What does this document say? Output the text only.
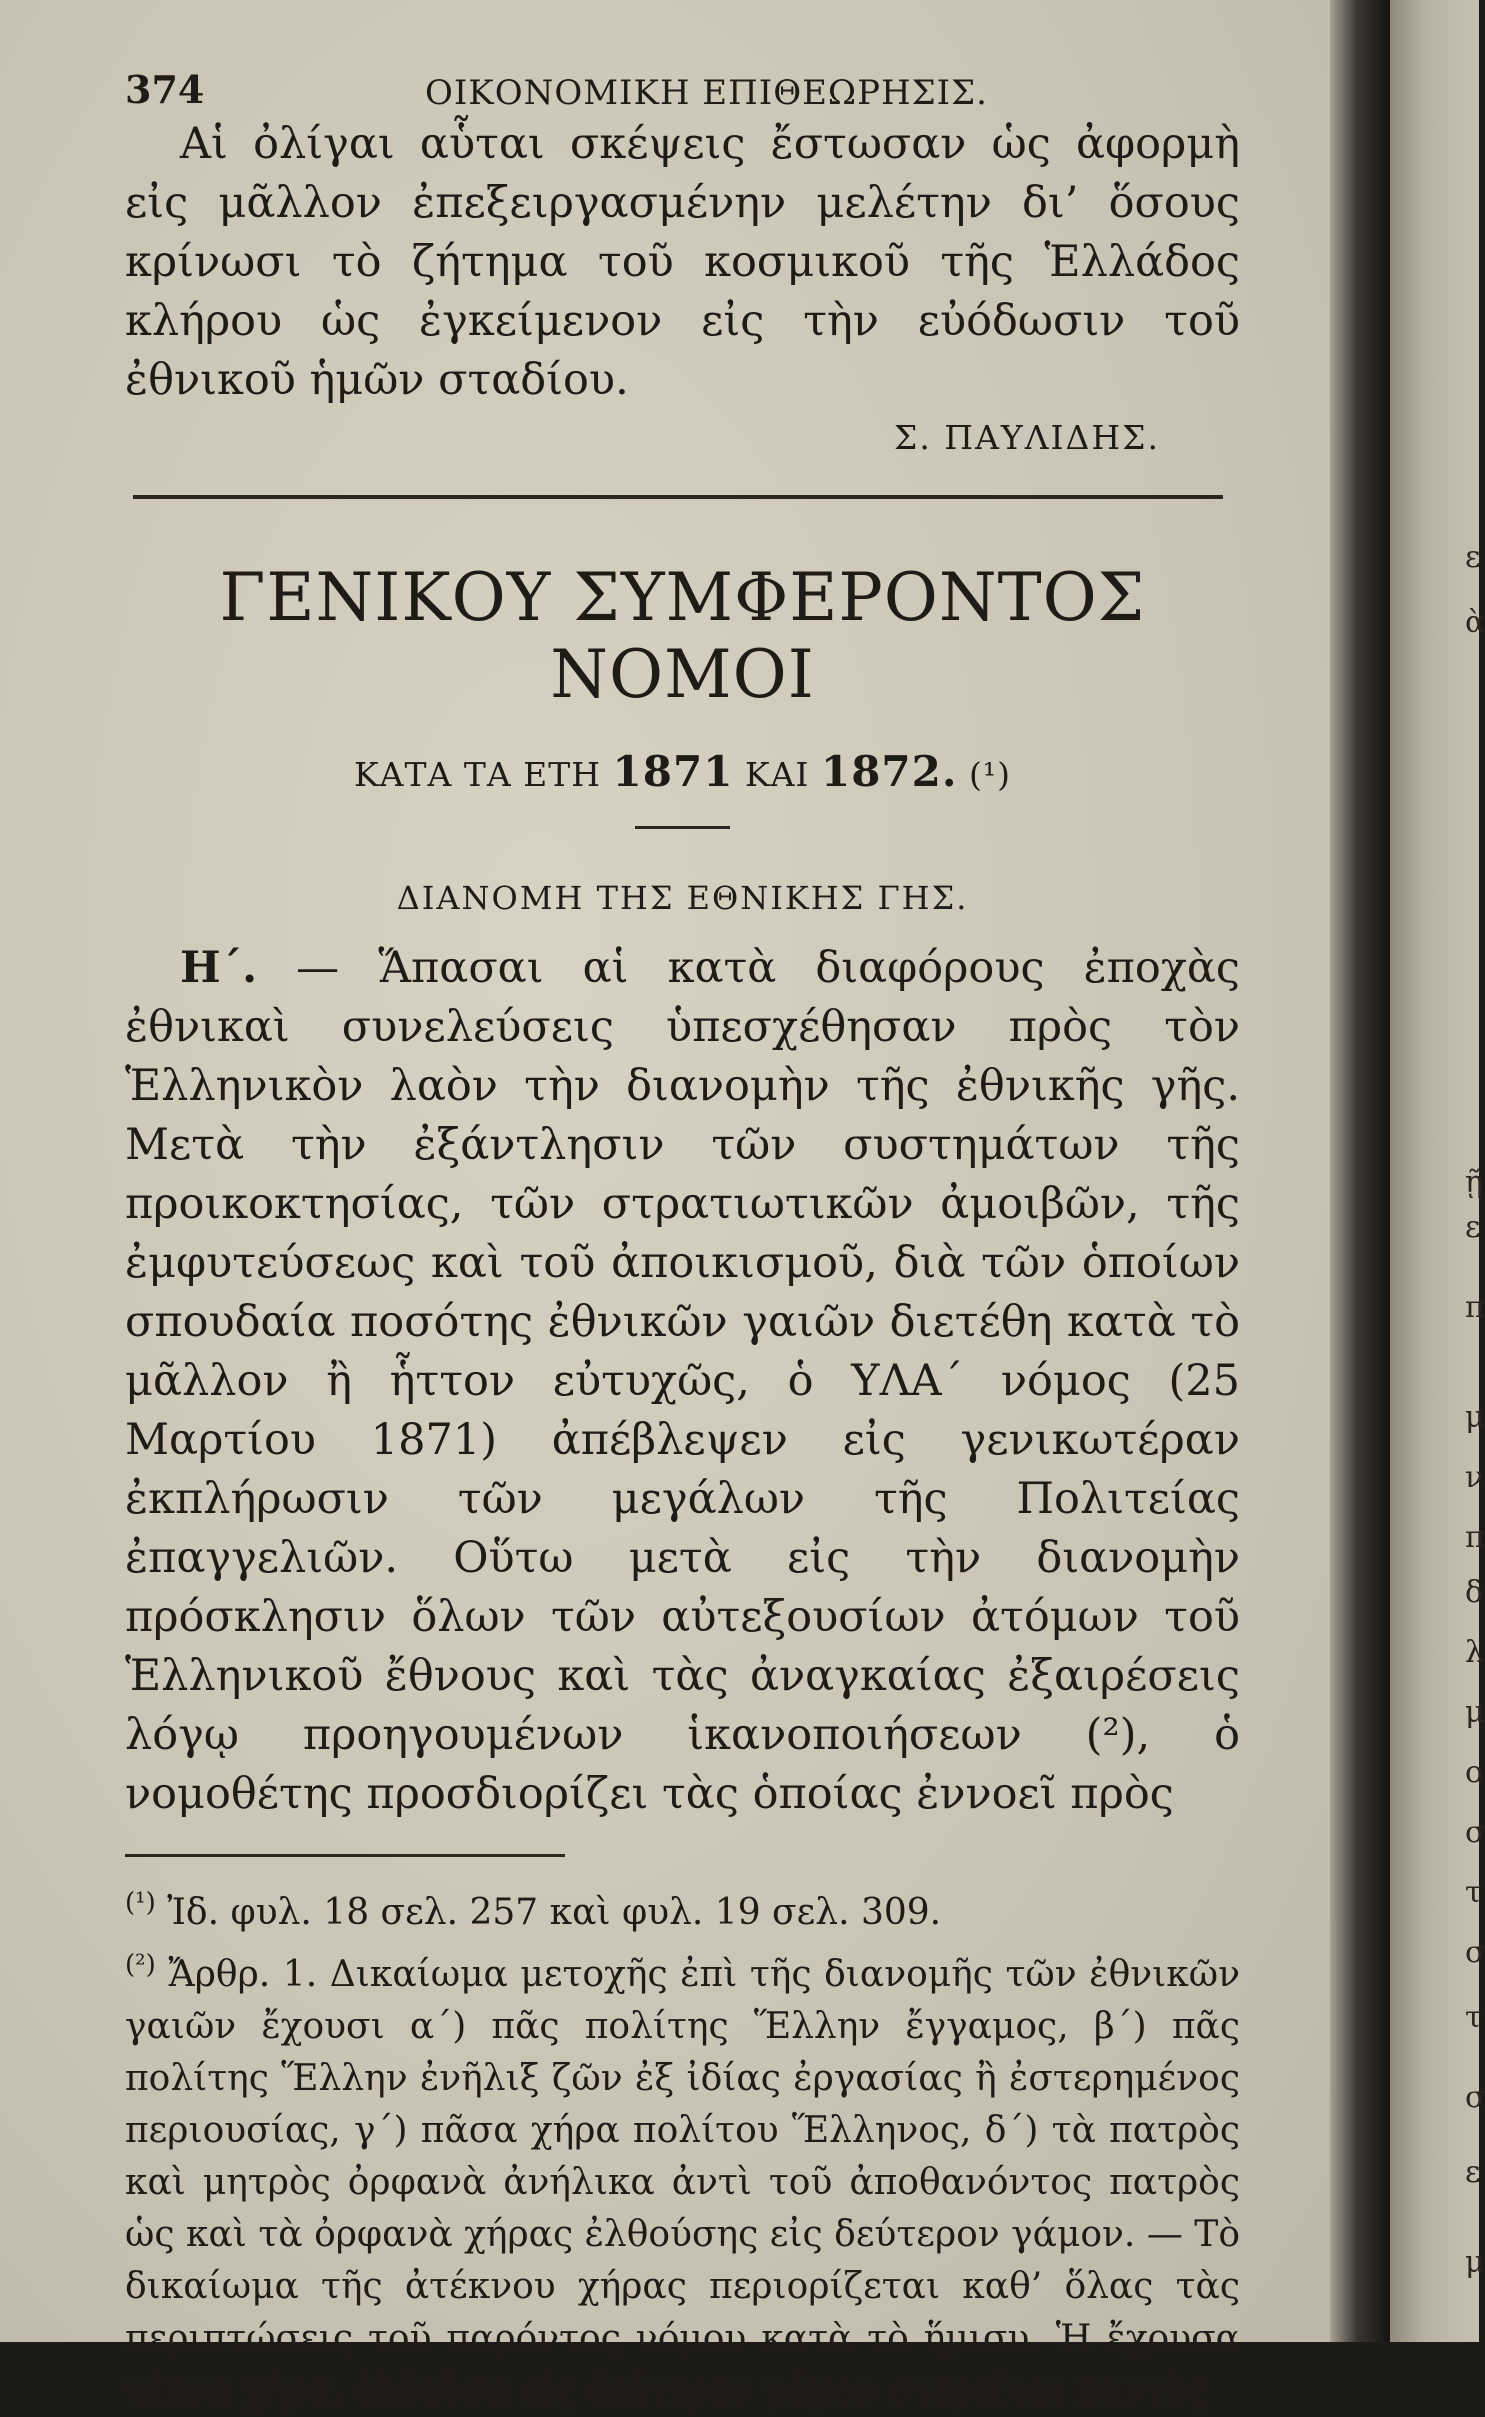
374	ΟΙΚΟΝΟΜΙΚΗ ΕΠΙΘΕΩΡΗΣΙΣ.

Αἱ ὀλίγαι αὗται σκέψεις ἔστωσαν ὡς ἀφορμὴ εἰς μᾶλλον ἐπεξειργασμένην μελέτην δι’ ὅσους κρίνωσι τὸ ζήτημα τοῦ κοσμικοῦ τῆς Ἑλλάδος κλήρου ὡς ἐγκείμενον εἰς τὴν εὐόδωσιν τοῦ ἐθνικοῦ ἡμῶν σταδίου.

Σ. ΠΑΥΛΙΔΗΣ.
ΓΕΝΙΚΟΥ ΣΥΜΦΕΡΟΝΤΟΣ ΝΟΜΟΙ
ΚΑΤΑ ΤΑ ΕΤΗ 1871 ΚΑΙ 1872. (¹)
ΔΙΑΝΟΜΗ ΤΗΣ ΕΘΝΙΚΗΣ ΓΗΣ.

Η΄. — Ἅπασαι αἱ κατὰ διαφόρους ἐποχὰς ἐθνικαὶ συνελεύσεις ὑπεσχέθησαν πρὸς τὸν Ἑλληνικὸν λαὸν τὴν διανομὴν τῆς ἐθνικῆς γῆς. Μετὰ τὴν ἐξάντλησιν τῶν συστημάτων τῆς προικοκτησίας, τῶν στρατιωτικῶν ἀμοιβῶν, τῆς ἐμφυτεύσεως καὶ τοῦ ἀποικισμοῦ, διὰ τῶν ὁποίων σπουδαία ποσότης ἐθνικῶν γαιῶν διετέθη κατὰ τὸ μᾶλλον ἢ ἧττον εὐτυχῶς, ὁ ΥΛΑ΄ νόμος (25 Μαρτίου 1871) ἀπέβλεψεν εἰς γενικωτέραν ἐκπλήρωσιν τῶν μεγάλων τῆς Πολιτείας ἐπαγγελιῶν. Οὕτω μετὰ εἰς τὴν διανομὴν πρόσκλησιν ὅλων τῶν αὐτεξουσίων ἀτόμων τοῦ Ἑλληνικοῦ ἔθνους καὶ τὰς ἀναγκαίας ἐξαιρέσεις λόγῳ προηγουμένων ἱκανοποιήσεων (²), ὁ νομοθέτης προσδιορίζει τὰς ὁποίας ἐννοεῖ πρὸς

$^{(^1)}$ Ἰδ. φυλ. 18 σελ. 257 καὶ φυλ. 19 σελ. 309.

$^{(^2)}$ Ἄρθρ. 1. Δικαίωμα μετοχῆς ἐπὶ τῆς διανομῆς τῶν ἐθνικῶν γαιῶν ἔχουσι α΄) πᾶς πολίτης Ἕλλην ἔγγαμος, β΄) πᾶς πολίτης Ἕλλην ἐνῆλιξ ζῶν ἐξ ἰδίας ἐργασίας ἢ ἐστερημένος περιουσίας, γ΄) πᾶσα χήρα πολίτου Ἕλληνος, δ΄) τὰ πατρὸς καὶ μητρὸς ὀρφανὰ ἀνήλικα ἀντὶ τοῦ ἀποθανόντος πατρὸς ὡς καὶ τὰ ὀρφανὰ χήρας ἐλθούσης εἰς δεύτερον γάμον. — Τὸ δικαίωμα τῆς ἀτέκνου χήρας περιορίζεται καθ’ ὅλας τὰς περιπτώσεις τοῦ παρόντος νόμου κατὰ τὸ ἥμισυ. Ἡ ἔχουσα τέκνα χήρα, ἐλθοῦσα εἰς δεύτερον γάμον στερεῖται παντὸς

ε
ὰ
ῇ
ε
π
μ
ν
π
δ
λ
μ
ο
σ
τ
σ
τ
σ
ε
μ
